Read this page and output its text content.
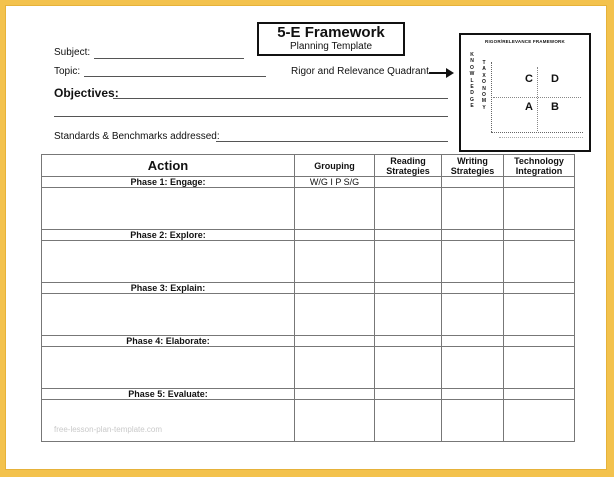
5-E Framework
Planning Template
Subject:
Topic:	Rigor and Relevance Quadrant
Objectives:
Standards & Benchmarks addressed:
RIGOR/RELEVANCE FRAMEWORK
K
N
O
W
L
E
D
G
E
T
A
X
O
N
O
M
Y
C D
A B
Action	Grouping	Reading Strategies	Writing Strategies	Technology Integration
Phase 1: Engage:	W/G I P S/G			

Phase 2: Explore:				

Phase 3: Explain:				

Phase 4: Elaborate:				

Phase 5: Evaluate:				

free-lesson-plan-template.com
